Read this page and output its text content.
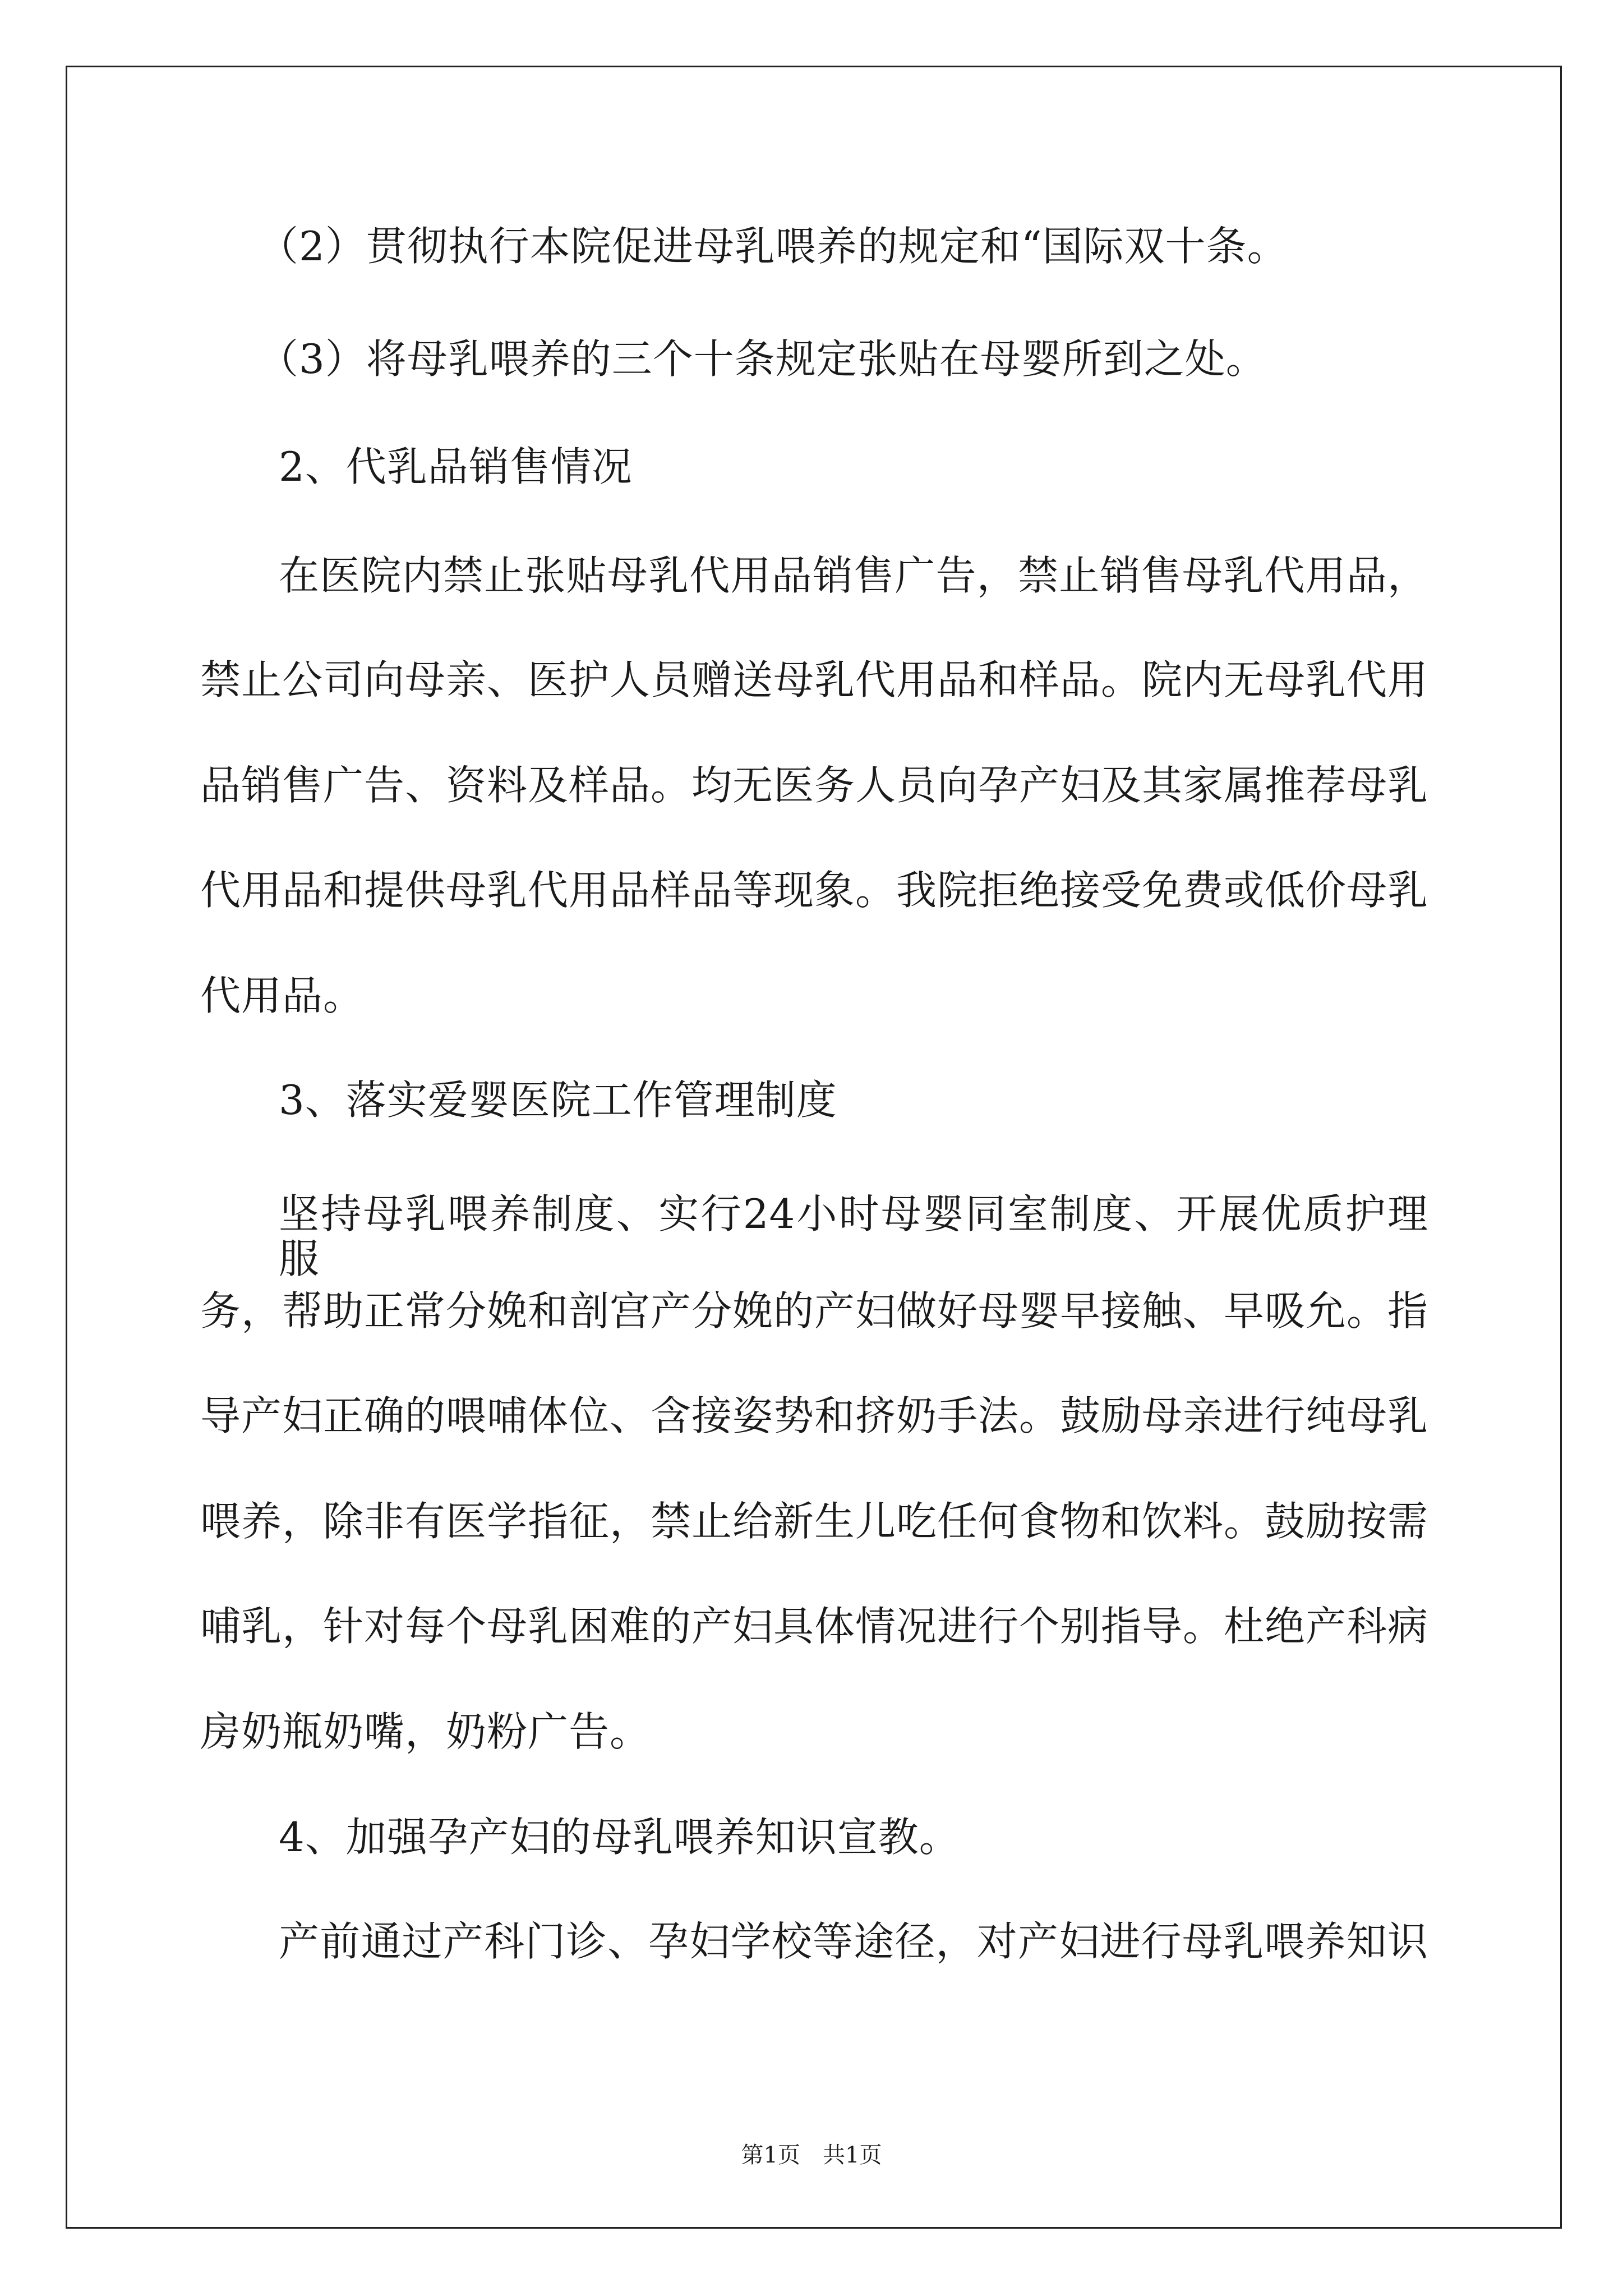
（2）贯彻执行本院促进母乳喂养的规定和“国际双十条。

（3）将母乳喂养的三个十条规定张贴在母婴所到之处。

2、代乳品销售情况

在医院内禁止张贴母乳代用品销售广告，禁止销售母乳代用品，

禁止公司向母亲、医护人员赠送母乳代用品和样品。院内无母乳代用

品销售广告、资料及样品。均无医务人员向孕产妇及其家属推荐母乳

代用品和提供母乳代用品样品等现象。我院拒绝接受免费或低价母乳

代用品。

3、落实爱婴医院工作管理制度

坚持母乳喂养制度、实行24小时母婴同室制度、开展优质护理服

务，帮助正常分娩和剖宫产分娩的产妇做好母婴早接触、早吸允。指

导产妇正确的喂哺体位、含接姿势和挤奶手法。鼓励母亲进行纯母乳

喂养，除非有医学指征，禁止给新生儿吃任何食物和饮料。鼓励按需

哺乳，针对每个母乳困难的产妇具体情况进行个别指导。杜绝产科病

房奶瓶奶嘴，奶粉广告。

4、加强孕产妇的母乳喂养知识宣教。

产前通过产科门诊、孕妇学校等途径，对产妇进行母乳喂养知识

第1页 共1页
